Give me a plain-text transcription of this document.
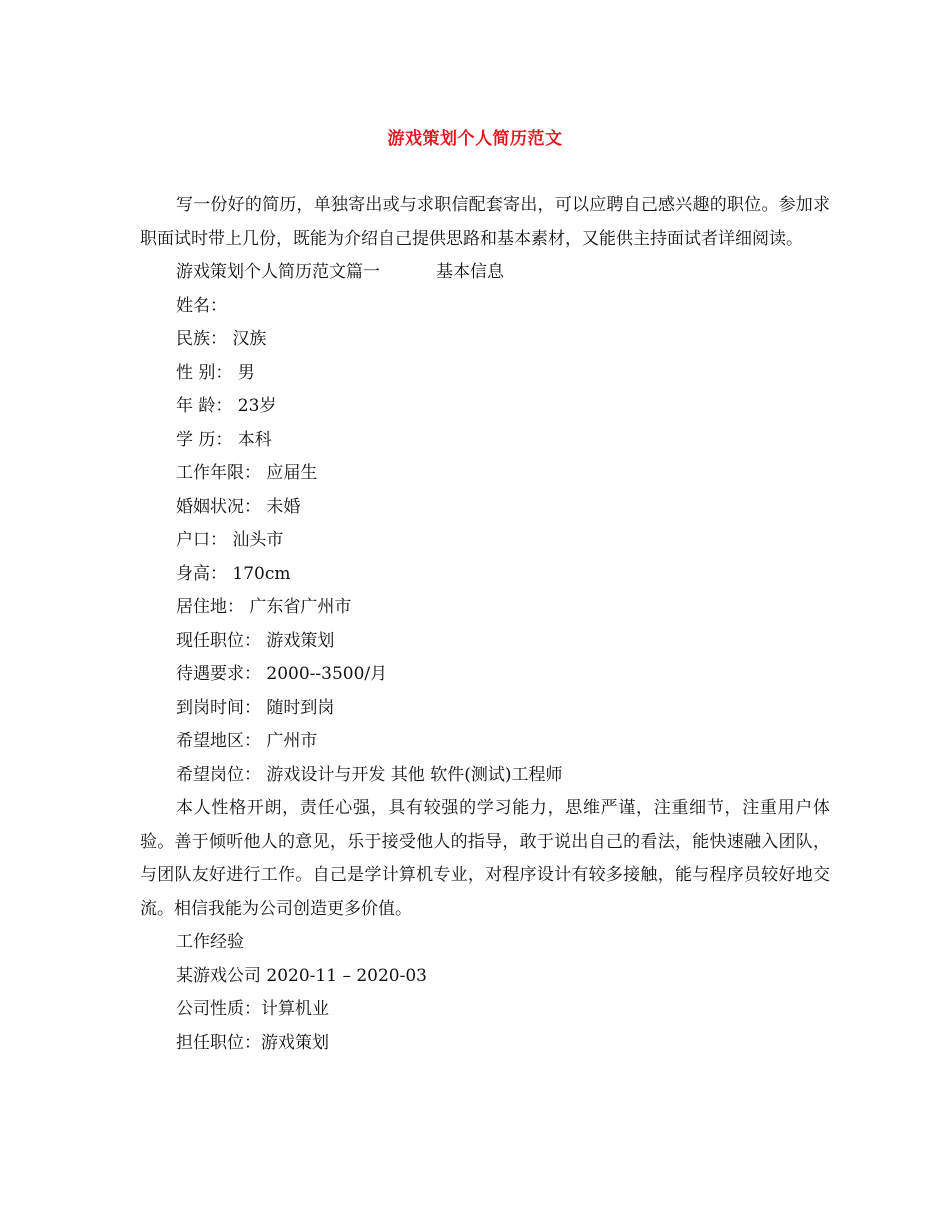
游戏策划个人简历范文

写一份好的简历，单独寄出或与求职信配套寄出，可以应聘自己感兴趣的职位。参加求职面试时带上几份，既能为介绍自己提供思路和基本素材，又能供主持面试者详细阅读。

游戏策划个人简历范文篇一	基本信息

姓名：

民族： 汉族

性 别： 男

年 龄： 23岁

学 历： 本科

工作年限： 应届生

婚姻状况： 未婚

户口： 汕头市

身高： 170cm

居住地： 广东省广州市

现任职位： 游戏策划

待遇要求： 2000--3500/月

到岗时间： 随时到岗

希望地区： 广州市

希望岗位： 游戏设计与开发 其他 软件(测试)工程师

本人性格开朗，责任心强，具有较强的学习能力，思维严谨，注重细节，注重用户体验。善于倾听他人的意见，乐于接受他人的指导，敢于说出自己的看法，能快速融入团队，与团队友好进行工作。自己是学计算机专业，对程序设计有较多接触，能与程序员较好地交流。相信我能为公司创造更多价值。

工作经验

某游戏公司 2020-11 – 2020-03

公司性质：计算机业

担任职位：游戏策划
